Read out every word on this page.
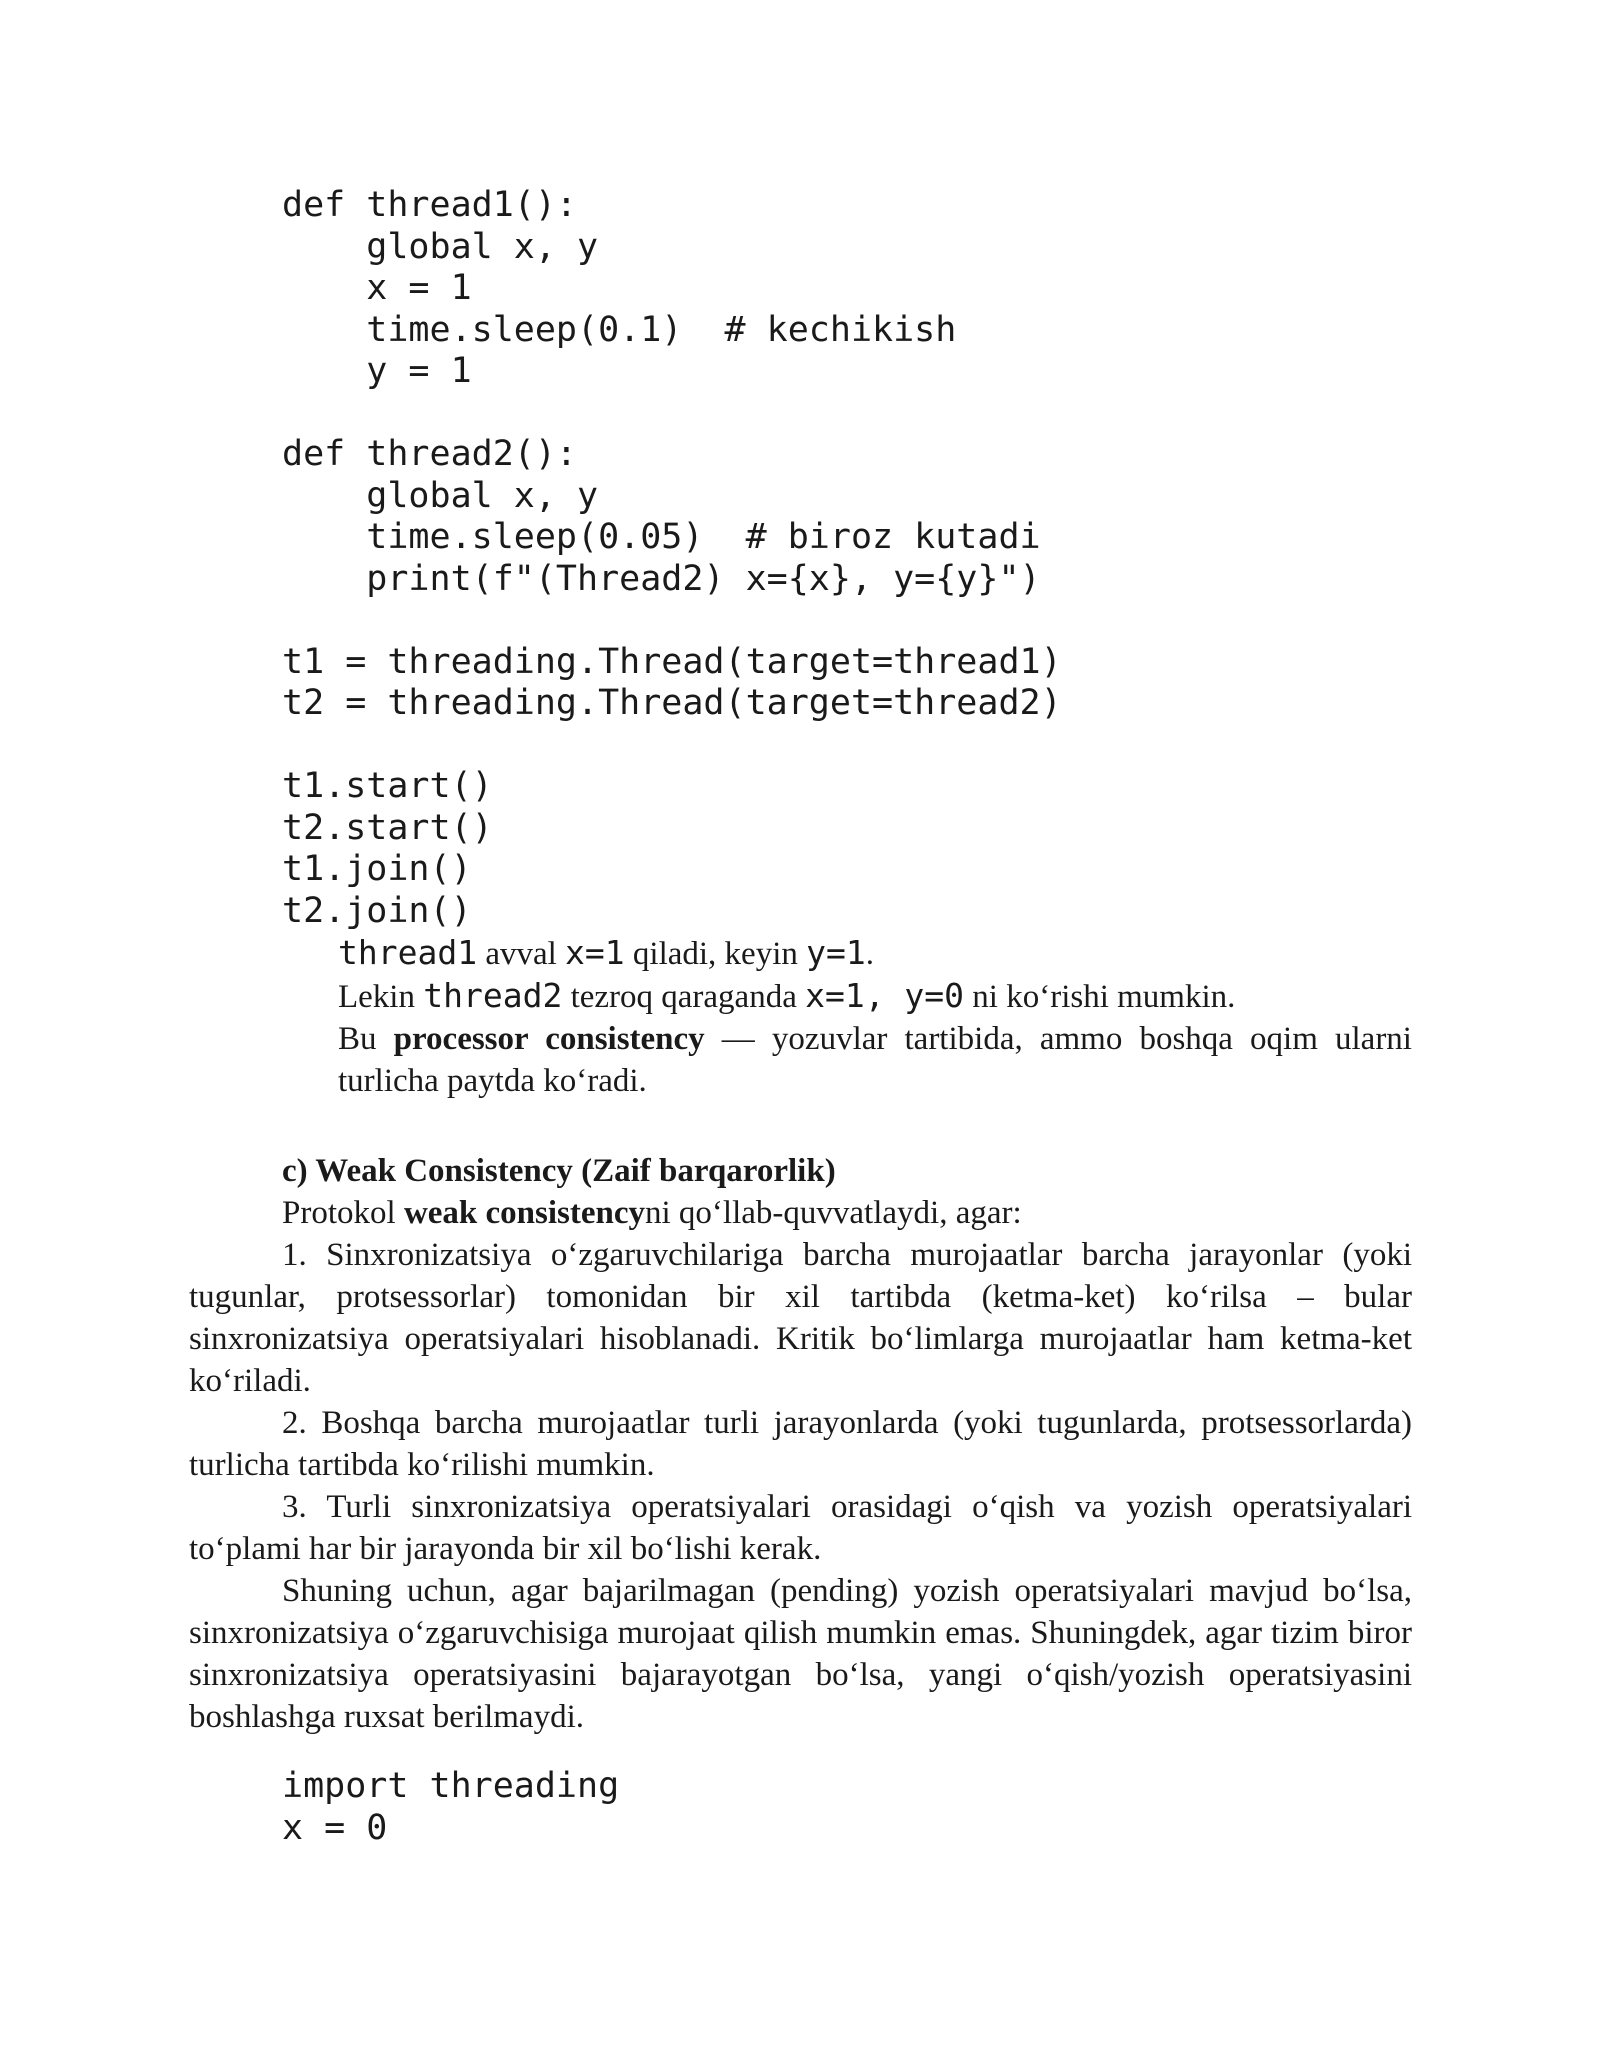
def thread1():
global x, y
x = 1
time.sleep(0.1)  # kechikish
y = 1
def thread2():
global x, y
time.sleep(0.05)  # biroz kutadi
print(f"(Thread2) x={x}, y={y}")
t1 = threading.Thread(target=thread1)
t2 = threading.Thread(target=thread2)
t1.start()
t2.start()
t1.join()
t2.join()

thread1 avval x=1 qiladi, keyin y=1.

Lekin thread2 tezroq qaraganda x=1, y=0 ni ko‘rishi mumkin.

Bu processor consistency — yozuvlar tartibida, ammo boshqa oqim ularni turlicha paytda ko‘radi.

c) Weak Consistency (Zaif barqarorlik)

Protokol weak consistencyni qo‘llab-quvvatlaydi, agar:

1. Sinxronizatsiya o‘zgaruvchilariga barcha murojaatlar barcha jarayonlar (yoki tugunlar, protsessorlar) tomonidan bir xil tartibda (ketma-ket) ko‘rilsa – bular sinxronizatsiya operatsiyalari hisoblanadi. Kritik bo‘limlarga murojaatlar ham ketma-ket ko‘riladi.

2. Boshqa barcha murojaatlar turli jarayonlarda (yoki tugunlarda, protsessorlarda) turlicha tartibda ko‘rilishi mumkin.

3. Turli sinxronizatsiya operatsiyalari orasidagi o‘qish va yozish operatsiyalari to‘plami har bir jarayonda bir xil bo‘lishi kerak.

Shuning uchun, agar bajarilmagan (pending) yozish operatsiyalari mavjud bo‘lsa, sinxronizatsiya o‘zgaruvchisiga murojaat qilish mumkin emas. Shuningdek, agar tizim biror sinxronizatsiya operatsiyasini bajarayotgan bo‘lsa, yangi o‘qish/yozish operatsiyasini boshlashga ruxsat berilmaydi.

import threading
x = 0
